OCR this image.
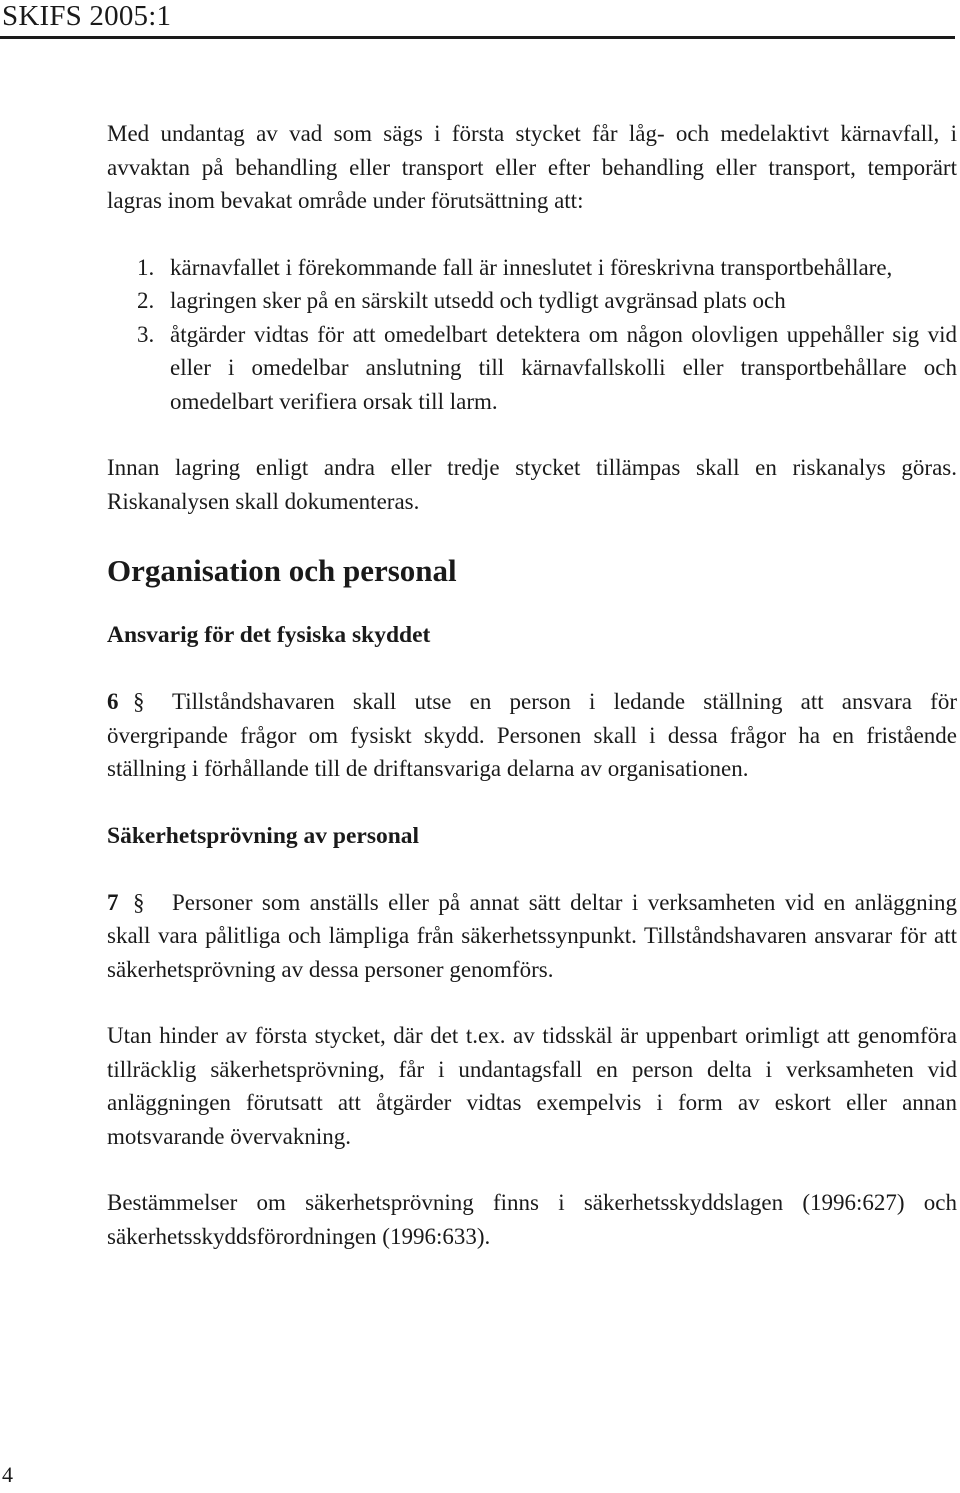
SKIFS 2005:1

Med undantag av vad som sägs i första stycket får låg- och medelaktivt kärnavfall, i avvaktan på behandling eller transport eller efter behandling eller transport, temporärt lagras inom bevakat område under förutsättning att:

1. kärnavfallet i förekommande fall är inneslutet i föreskrivna transportbehållare,
2. lagringen sker på en särskilt utsedd och tydligt avgränsad plats och
3. åtgärder vidtas för att omedelbart detektera om någon olovligen uppehåller sig vid eller i omedelbar anslutning till kärnavfallskolli eller transportbehållare och omedelbart verifiera orsak till larm.

Innan lagring enligt andra eller tredje stycket tillämpas skall en riskanalys göras. Riskanalysen skall dokumenteras.

Organisation och personal
Ansvarig för det fysiska skyddet

6 § Tillståndshavaren skall utse en person i ledande ställning att ansvara för övergripande frågor om fysiskt skydd. Personen skall i dessa frågor ha en fristående ställning i förhållande till de driftansvariga delarna av organisationen.

Säkerhetsprövning av personal

7 § Personer som anställs eller på annat sätt deltar i verksamheten vid en anläggning skall vara pålitliga och lämpliga från säkerhetssynpunkt. Tillståndshavaren ansvarar för att säkerhetsprövning av dessa personer genomförs.

Utan hinder av första stycket, där det t.ex. av tidsskäl är uppenbart orimligt att genomföra tillräcklig säkerhetsprövning, får i undantagsfall en person delta i verksamheten vid anläggningen förutsatt att åtgärder vidtas exempelvis i form av eskort eller annan motsvarande övervakning.

Bestämmelser om säkerhetsprövning finns i säkerhetsskyddslagen (1996:627) och säkerhetsskyddsförordningen (1996:633).

4
